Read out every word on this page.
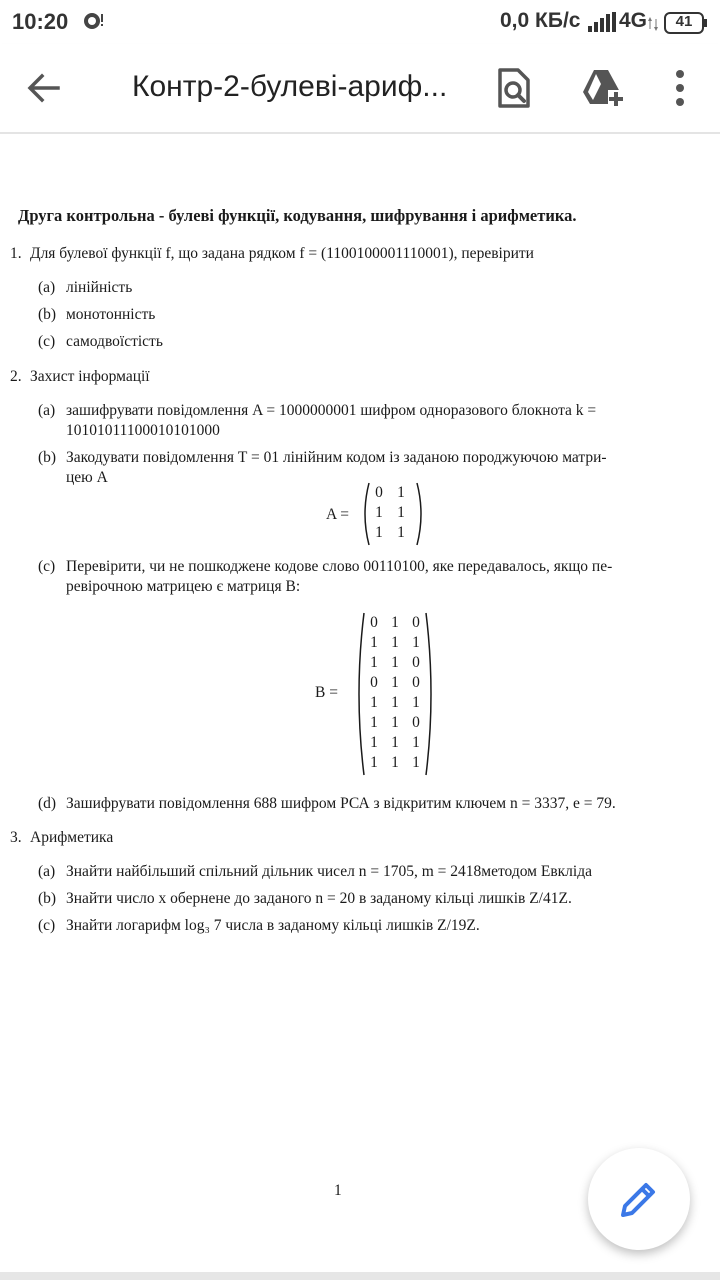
10:20	0,0 КБ/с 4G	41
Контр-2-булеві-ариф...
Друга контрольна - булеві функції, кодування, шифрування і арифметика.
1. Для булевої функції f, що задана рядком f = (1100100001110001), перевірити
(a) лінійність
(b) монотонність
(c) самодвоїстість
2. Захист інформації
(a) зашифрувати повідомлення A = 1000000001 шифром одноразового блокнота k =
10101011100010101000
(b) Закодувати повідомлення T = 01 лінійним кодом із заданою породжуючою матри-
цею A
A =
0 1
1 1
1 1
(c) Перевірити, чи не пошкоджене кодове слово 00110100, яке передавалось, якщо пе-
ревірочною матрицею є матриця B:
B =
0 1 0
1 1 1
1 1 0
0 1 0
1 1 1
1 1 0
1 1 1
1 1 1
(d) Зашифрувати повідомлення 688 шифром РСА з відкритим ключем n = 3337, e = 79.
3. Арифметика
(a) Знайти найбільший спільний дільник чисел n = 1705, m = 2418методом Евкліда
(b) Знайти число x обернене до заданого n = 20 в заданому кільці лишків Z/41Z.
(c) Знайти логарифм log₃ 7 числа в заданому кільці лишків Z/19Z.
1
